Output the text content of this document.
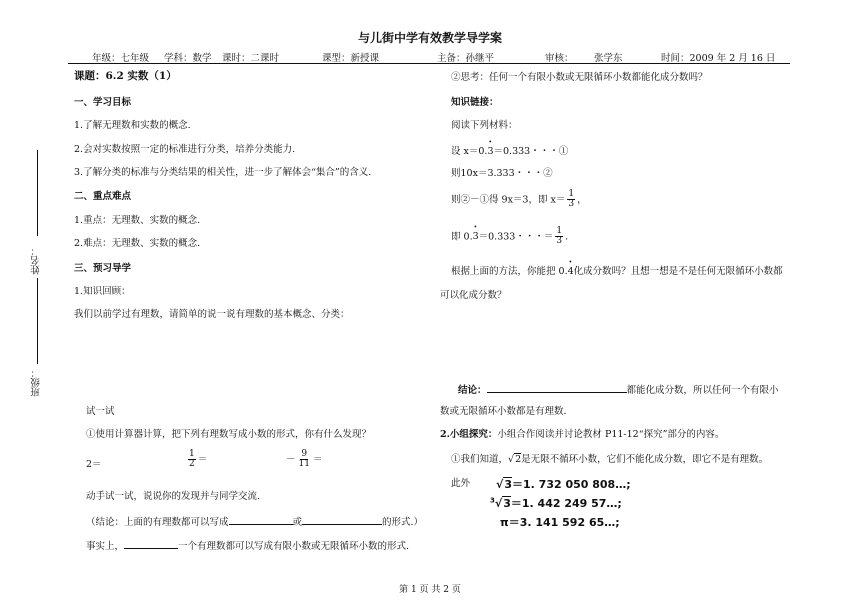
与儿街中学有效教学导学案
年级：七年级 学科：数学 课时：二课时	课型：新授课	主备：孙继平	审核： 张学东	时间：2009 年 2 月 16 日
姓名：
班级：
课题：6.2 实数（1）
一、学习目标
1.了解无理数和实数的概念.
2.会对实数按照一定的标准进行分类，培养分类能力.
3.了解分类的标准与分类结果的相关性，进一步了解体会“集合”的含义.
二、重点难点
1.重点：无理数、实数的概念.
2.难点：无理数、实数的概念.
三、预习导学
1.知识回顾：
我们以前学过有理数，请简单的说一说有理数的基本概念、分类：
试一试
①使用计算器计算，把下列有理数写成小数的形式，你有什么发现？
2＝	$\frac{1}{2}$ ＝	－ $\frac{9}{11}$ ＝
动手试一试，说说你的发现并与同学交流.
（结论：上面的有理数都可以写成	或	的形式.）
事实上，	一个有理数都可以写成有限小数或无限循环小数的形式.
②思考：任何一个有限小数或无限循环小数都能化成分数吗？
知识链接：
阅读下列材料：
设 x＝0.• 3＝0.333・・・①
则10x＝3.333・・・②
则②－①得 9x＝3，即 $x= \frac{1}{3}$ ，
即 0.• 3＝0.333・・・＝ $\frac{1}{3}$ .
根据上面的方法，你能把 0.• 4化成分数吗？且想一想是不是任何无限循环小数都
可以化成分数？
结论：	都能化成分数，所以任何一个有限小
数或无限循环小数都是有理数.
2.小组探究：小组合作阅读并讨论教材 P11-12“探究”部分的内容。
①我们知道，√2是无限不循环小数，它们不能化成分数，即它不是有理数。
此外 √3＝1. 732 050 808…;
$^3$√3＝1. 442 249 57…;
π＝3. 141 592 65…;
第 1 页 共 2 页
